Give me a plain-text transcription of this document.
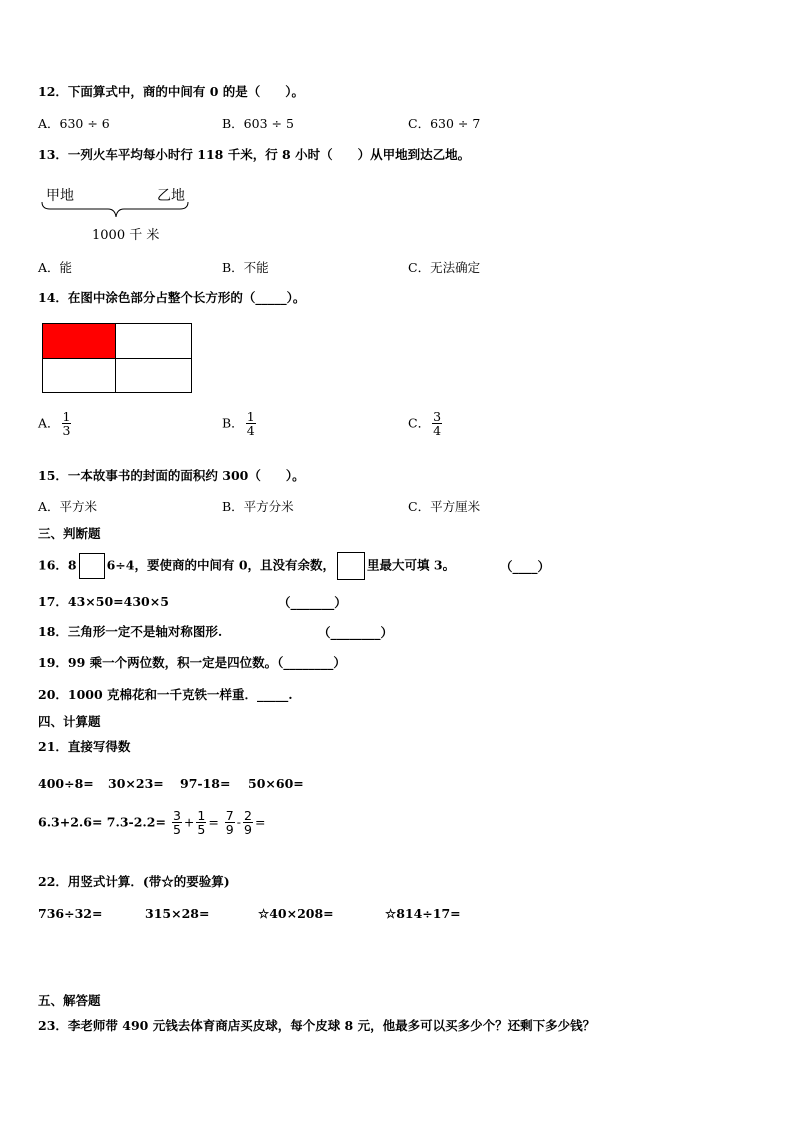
12．下面算式中，商的中间有 0 的是（　　）。
A．630 ÷ 6	B．603 ÷ 5	C．630 ÷ 7
13．一列火车平均每小时行 118 千米，行 8 小时（　　）从甲地到达乙地。
甲地	乙地
1000 千 米
A．能	B．不能	C．无法确定
14．在图中涂色部分占整个长方形的（_____）。
A． $\frac{1}{3}$	B． $\frac{1}{4}$	C． $\frac{3}{4}$
15．一本故事书的封面的面积约 300（　　）。
A．平方米	B．平方分米	C．平方厘米
三、判断题
16．8 6÷4，要使商的中间有 0，且没有余数，	里最大可填 3。	（____）
17．43×50=430×5	（_______）
18．三角形一定不是轴对称图形.	（________）
19．99 乘一个两位数，积一定是四位数。（________）
20．1000 克棉花和一千克铁一样重．_____.
四、计算题
21．直接写得数
400÷8= 30×23= 97-18= 50×60=
$6.3+2.6= 7.3-2.2= \frac{3}{5} + \frac{1}{5} = \frac{7}{9} - \frac{2}{9}$ =
22．用竖式计算．(带☆的要验算)
736÷32=	315×28=	☆40×208=	☆814÷17=
五、解答题
23．李老师带 490 元钱去体育商店买皮球，每个皮球 8 元，他最多可以买多少个？还剩下多少钱？
